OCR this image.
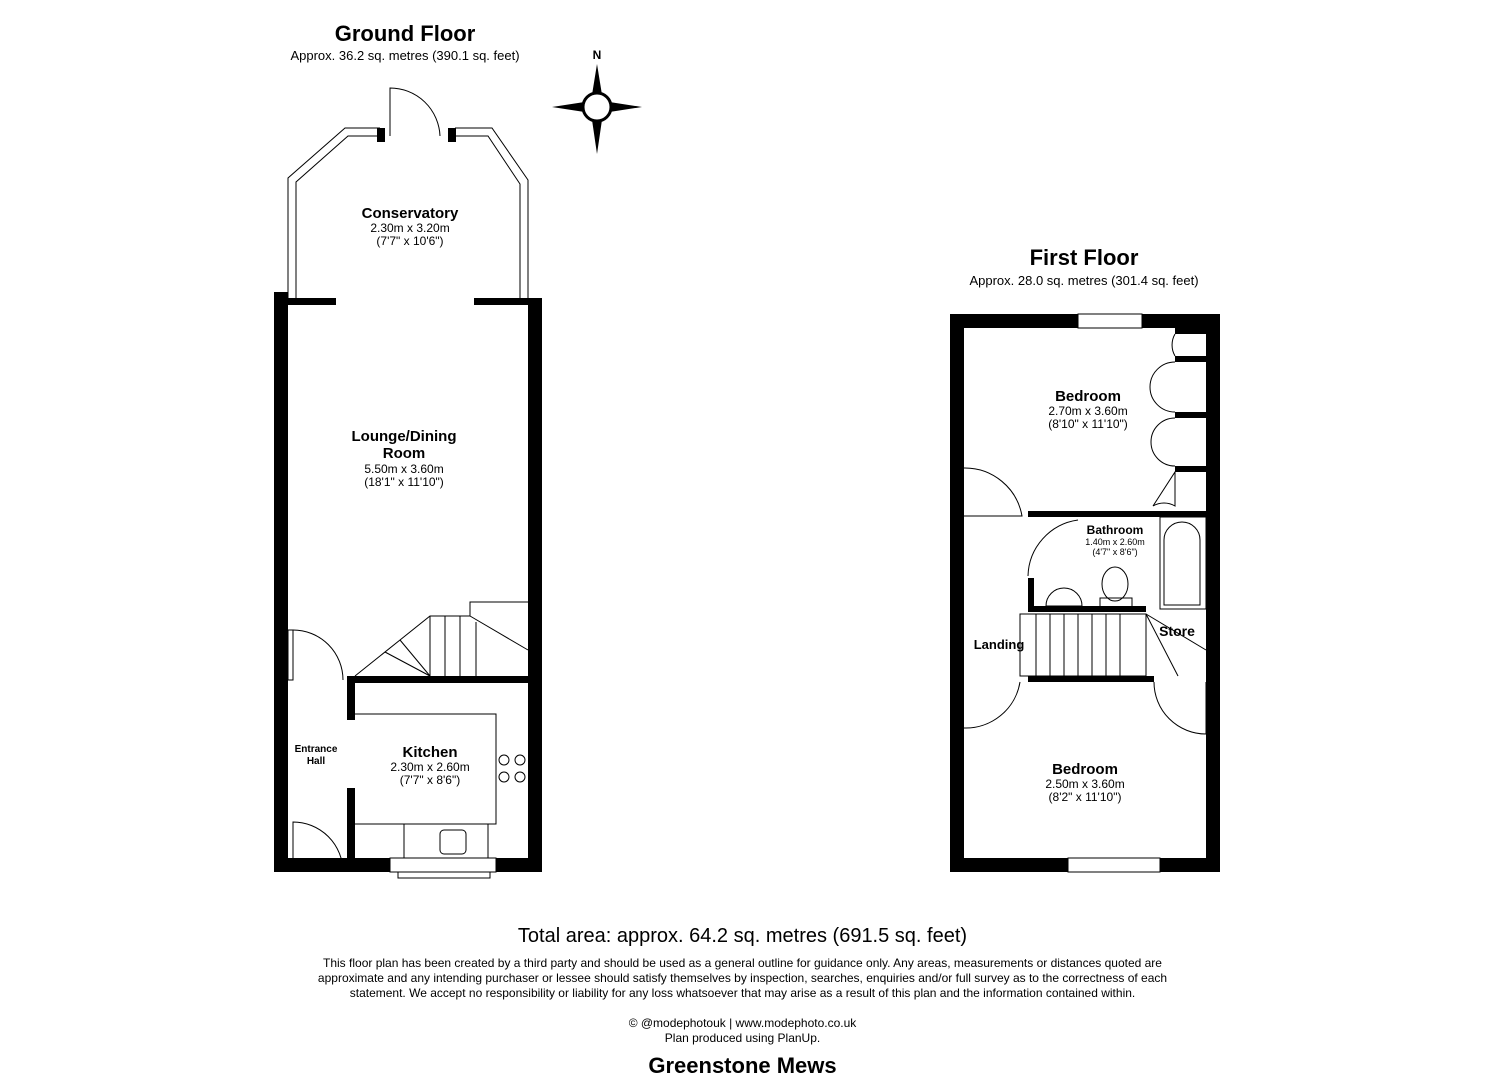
Ground Floor
Approx. 36.2 sq. metres (390.1 sq. feet)	N
Conservatory
2.30m x 3.20m
(7'7" x 10'6")
Lounge/Dining
Room
5.50m x 3.60m
(18'1" x 11'10")
Entrance
Hall
Kitchen
2.30m x 2.60m
(7'7" x 8'6")
First Floor
Approx. 28.0 sq. metres (301.4 sq. feet)
Bedroom
2.70m x 3.60m
(8'10" x 11'10")
Bathroom
1.40m x 2.60m
(4'7" x 8'6")
Landing
Store
Bedroom
2.50m x 3.60m
(8'2" x 11'10")
Total area: approx. 64.2 sq. metres (691.5 sq. feet)
This floor plan has been created by a third party and should be used as a general outline for guidance only. Any areas, measurements or distances quoted are
approximate and any intending purchaser or lessee should satisfy themselves by inspection, searches, enquiries and/or full survey as to the correctness of each
statement. We accept no responsibility or liability for any loss whatsoever that may arise as a result of this plan and the information contained within.
© @modephotouk | www.modephoto.co.uk
Plan produced using PlanUp.
Greenstone Mews
